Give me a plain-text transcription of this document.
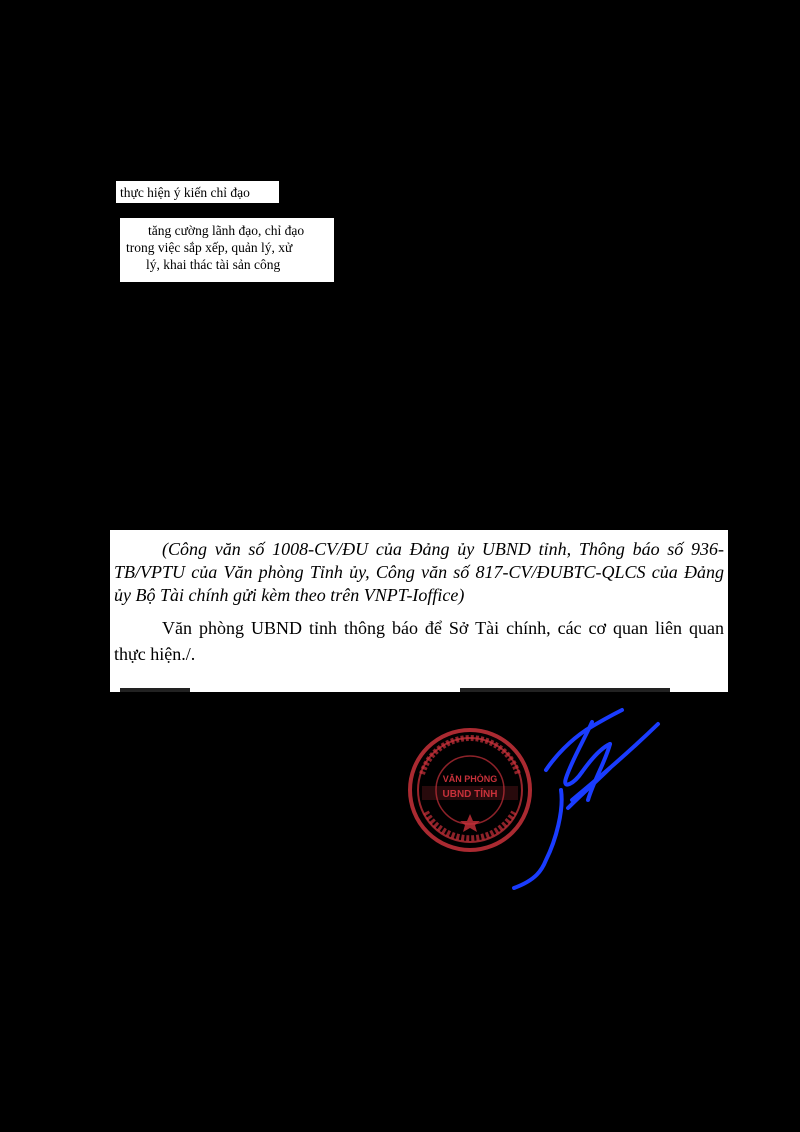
thực hiện ý kiến chỉ đạo
tăng cường lãnh đạo, chỉ đạo
trong việc sắp xếp, quản lý, xử
lý, khai thác tài sản công

(Công văn số 1008-CV/ĐU của Đảng ủy UBND tỉnh, Thông báo số 936-TB/VPTU của Văn phòng Tỉnh ủy, Công văn số 817-CV/ĐUBTC-QLCS của Đảng ủy Bộ Tài chính gửi kèm theo trên VNPT-Ioffice)

Văn phòng UBND tỉnh thông báo để Sở Tài chính, các cơ quan liên quan thực hiện./.

VĂN PHÒNG
UBND TỈNH
